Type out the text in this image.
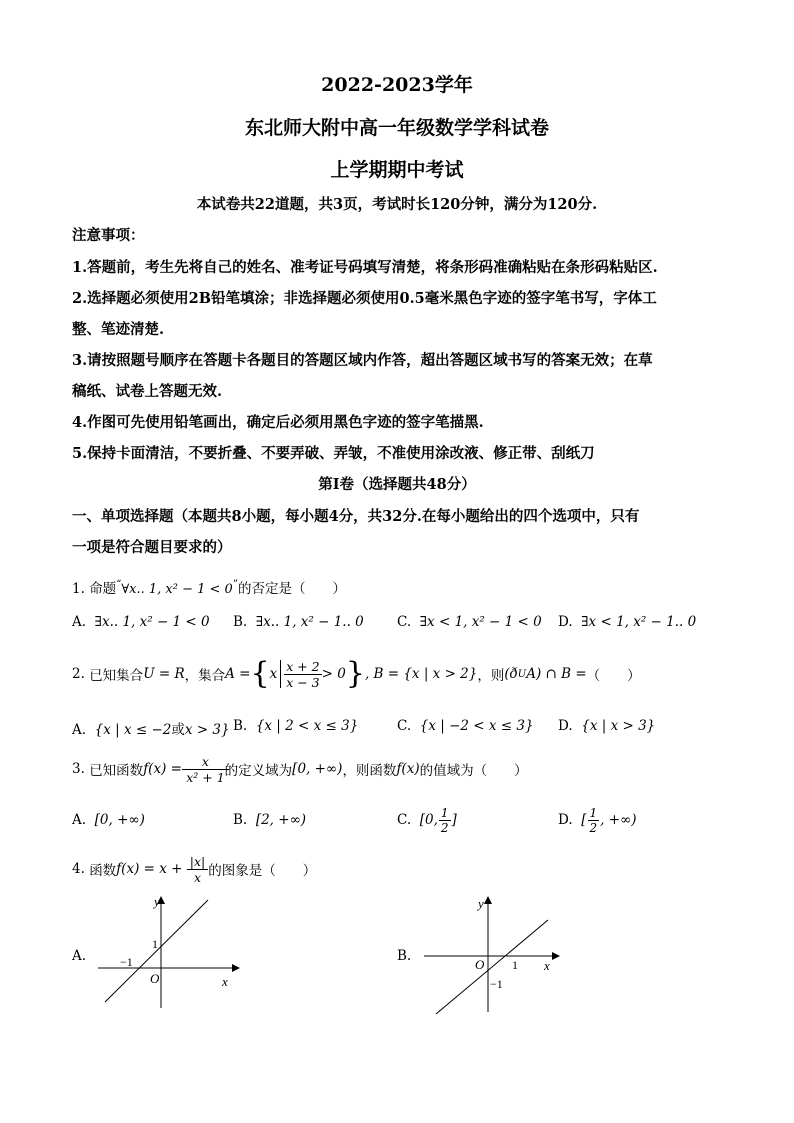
2022-2023学年
东北师大附中高一年级数学学科试卷
上学期期中考试
本试卷共22道题，共3页，考试时长120分钟，满分为120分.
注意事项：
1.答题前，考生先将自己的姓名、准考证号码填写清楚，将条形码准确粘贴在条形码粘贴区.
2.选择题必须使用2B铅笔填涂；非选择题必须使用0.5毫米黑色字迹的签字笔书写，字体工
整、笔迹清楚.
3.请按照题号顺序在答题卡各题目的答题区域内作答，超出答题区域书写的答案无效；在草
稿纸、试卷上答题无效.
4.作图可先使用铅笔画出，确定后必须用黑色字迹的签字笔描黑.
5.保持卡面清洁，不要折叠、不要弄破、弄皱，不准使用涂改液、修正带、刮纸刀
第Ⅰ卷（选择题共48分）
一、单项选择题（本题共8小题，每小题4分，共32分.在每小题给出的四个选项中，只有
一项是符合题目要求的）
1. 命题“∀x.. 1, x² − 1 < 0”的否定是（　　）
A. ∃x.. 1, x² − 1 < 0 B. ∃x.. 1, x² − 1.. 0 C. ∃x < 1, x² − 1 < 0 D. ∃x < 1, x² − 1.. 0
2.
已知集合 U = R ，集合 A = { x x + 2
x − 3 > 0 } , B = {x | x > 2} ，则 (ð U A) ∩ B = （　　）
A. {x | x ≤ −2或x > 3} B. {x | 2 < x ≤ 3}	C. {x | −2 < x ≤ 3} D. {x | x > 3}
3.
已知函数 f(x) =
$\frac{x}{\text{x² + 1}}$ 的定义域为 [0, +∞) ，则函数 f(x) 的值域为（　　）
A. [0, +∞)	B. [2, +∞)	C.
[0, 1
2 ]	D.
[ 1
2 , +∞)
4.
函数 f(x) = x +
$\frac{|x|}{x}$ 的图象是（　　）
A.
y
x
O
1
−1	B.
y
x
O 1
−1
